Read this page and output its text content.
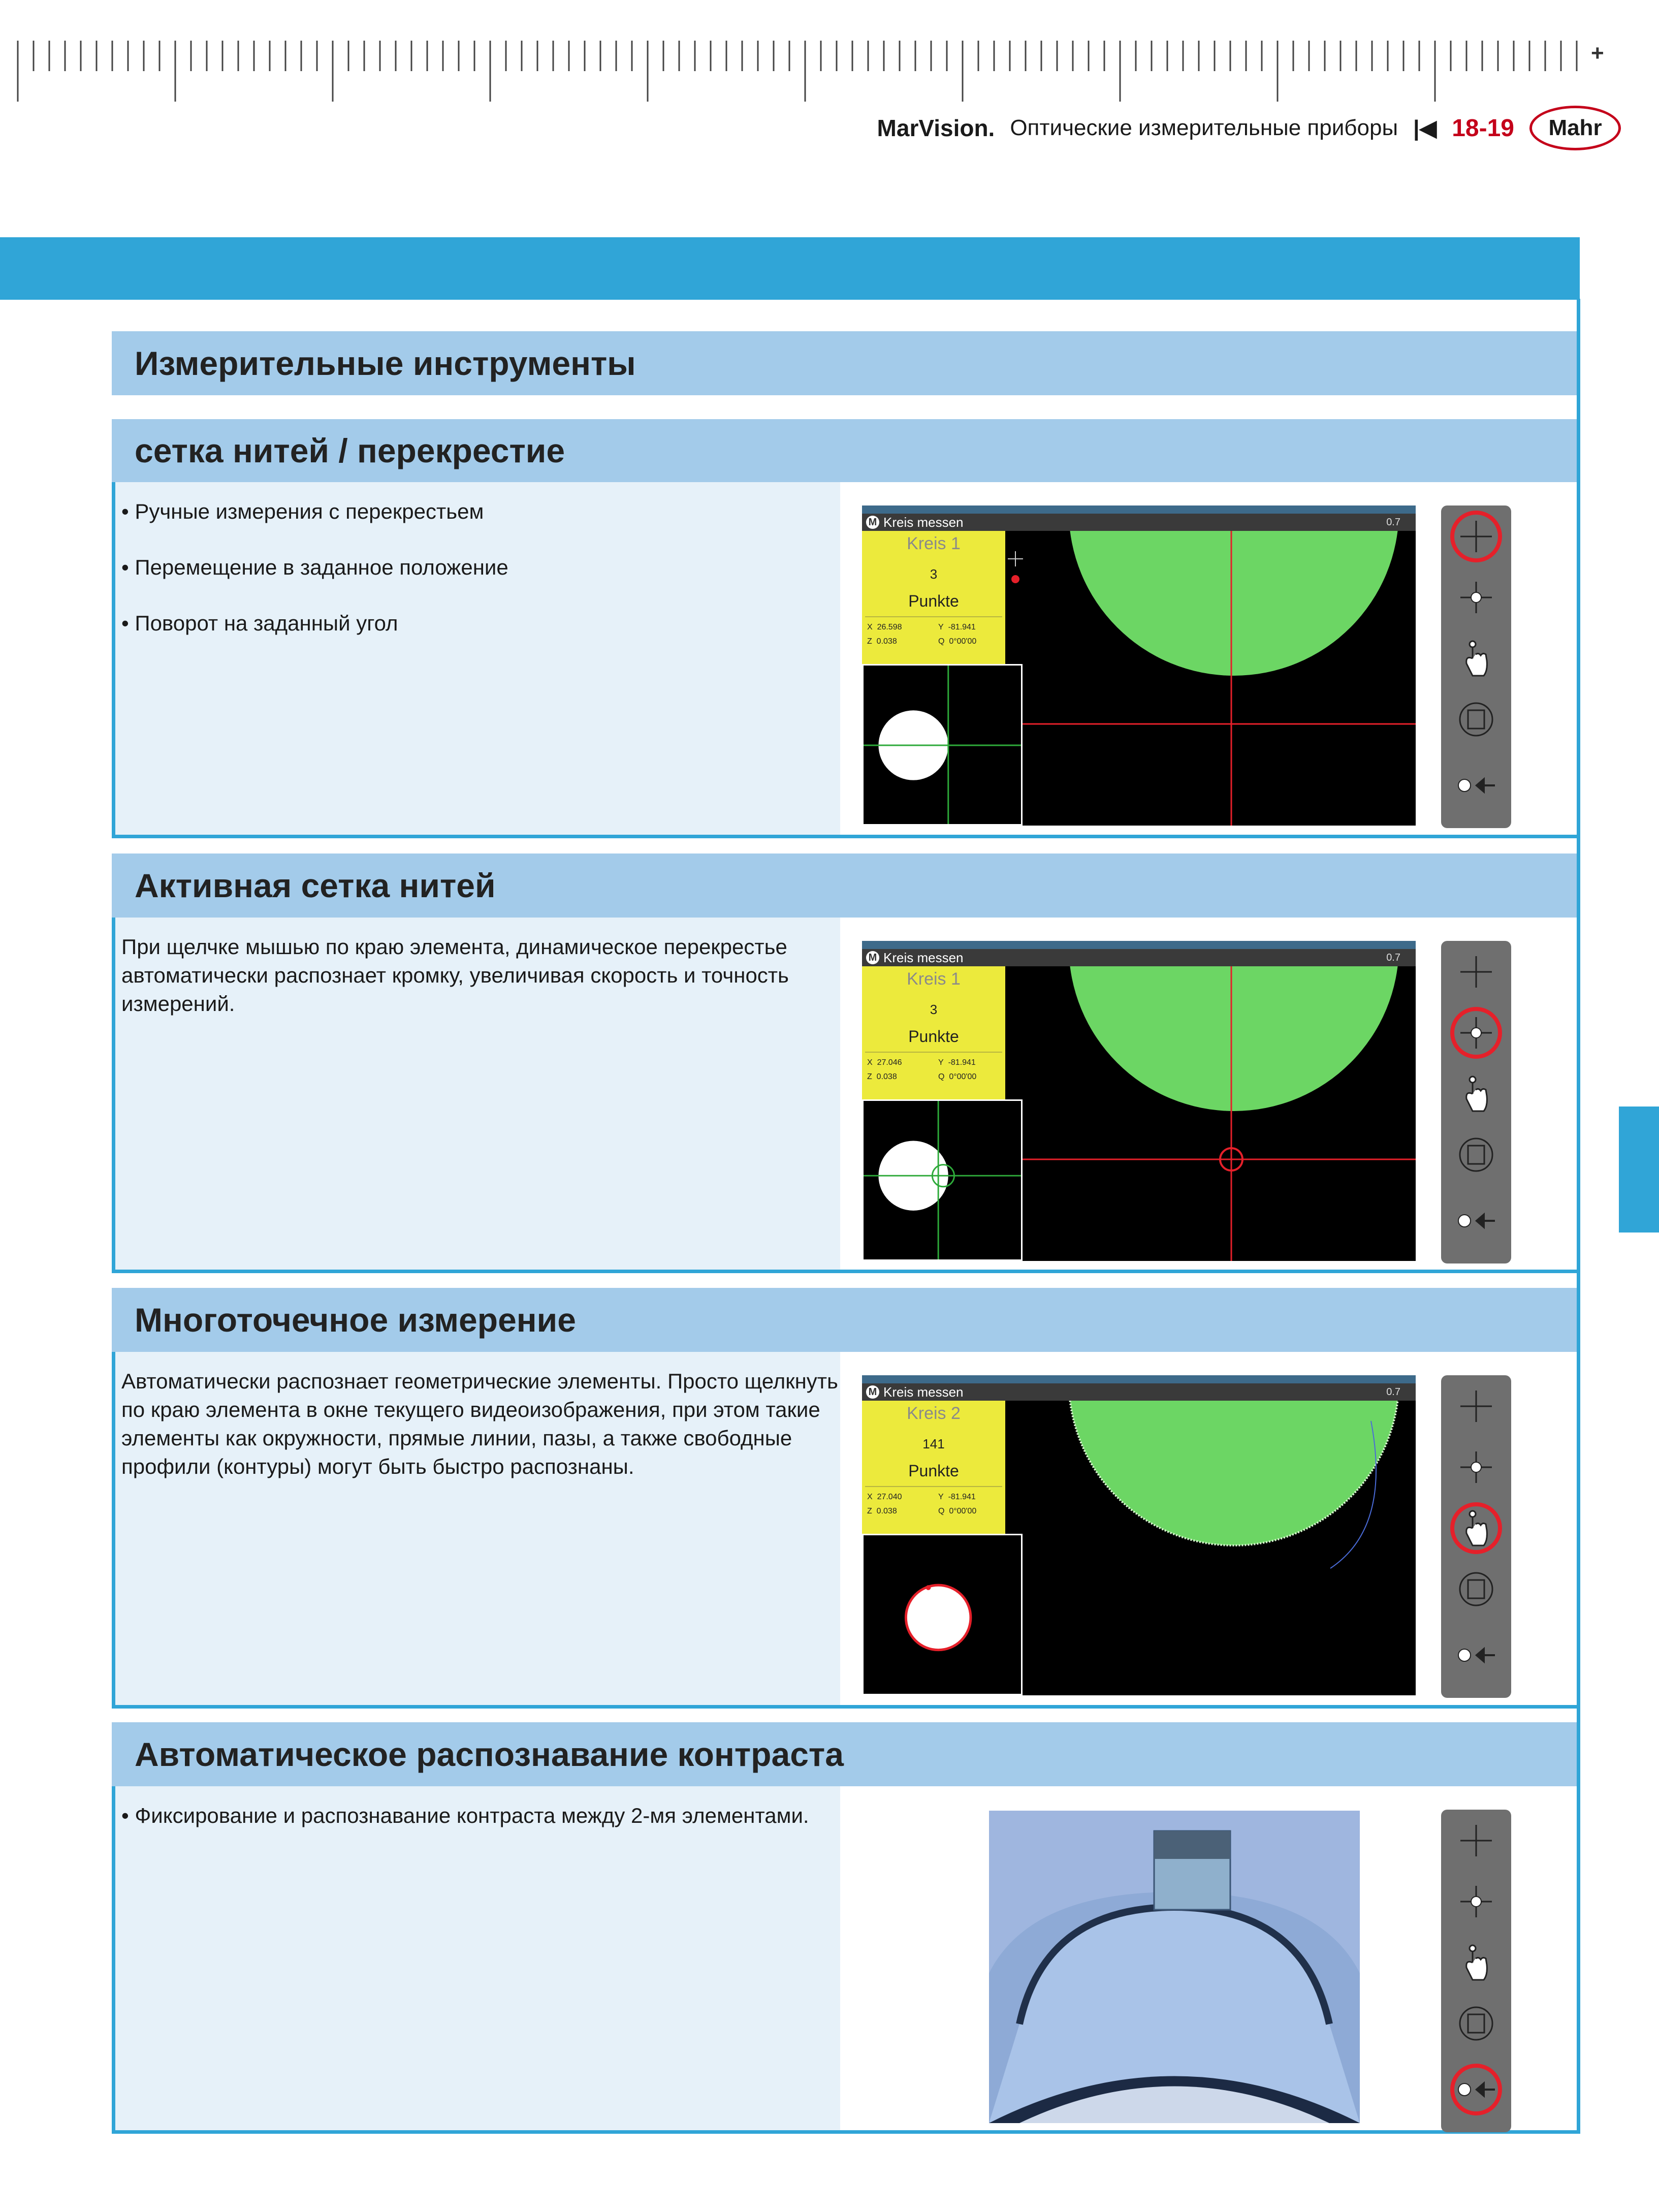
+
MarVision. Оптические измерительные приборы |◀ 18-19	Mahr
Измерительные инструменты
сетка нитей / перекрестие
• Ручные измерения с перекрестьем
• Перемещение в заданное положение
• Поворот на заданный угол
M Kreis messen	0.7
Kreis 1
3
Punkte
X 26.598	Y -81.941
Z 0.038	Q 0°00'00
Активная сетка нитей
При щелчке мышью по краю элемента, динамическое перекрестье автоматически распознает кромку, увеличивая скорость и точность измерений.
M Kreis messen	0.7
Kreis 1
3
Punkte
X 27.046	Y -81.941
Z 0.038	Q 0°00'00
Многоточечное измерение
Автоматически распознает геометрические элементы. Просто щелкнуть по краю элемента в окне текущего видеоизображения, при этом такие элементы как окружности, прямые линии, пазы, а также свободные профили (контуры) могут быть быстро распознаны.
M Kreis messen	0.7
Kreis 2
141
Punkte
X 27.040	Y -81.941
Z 0.038	Q 0°00'00
Автоматическое распознавание контраста
• Фиксирование и распознавание контраста между 2-мя элементами.
